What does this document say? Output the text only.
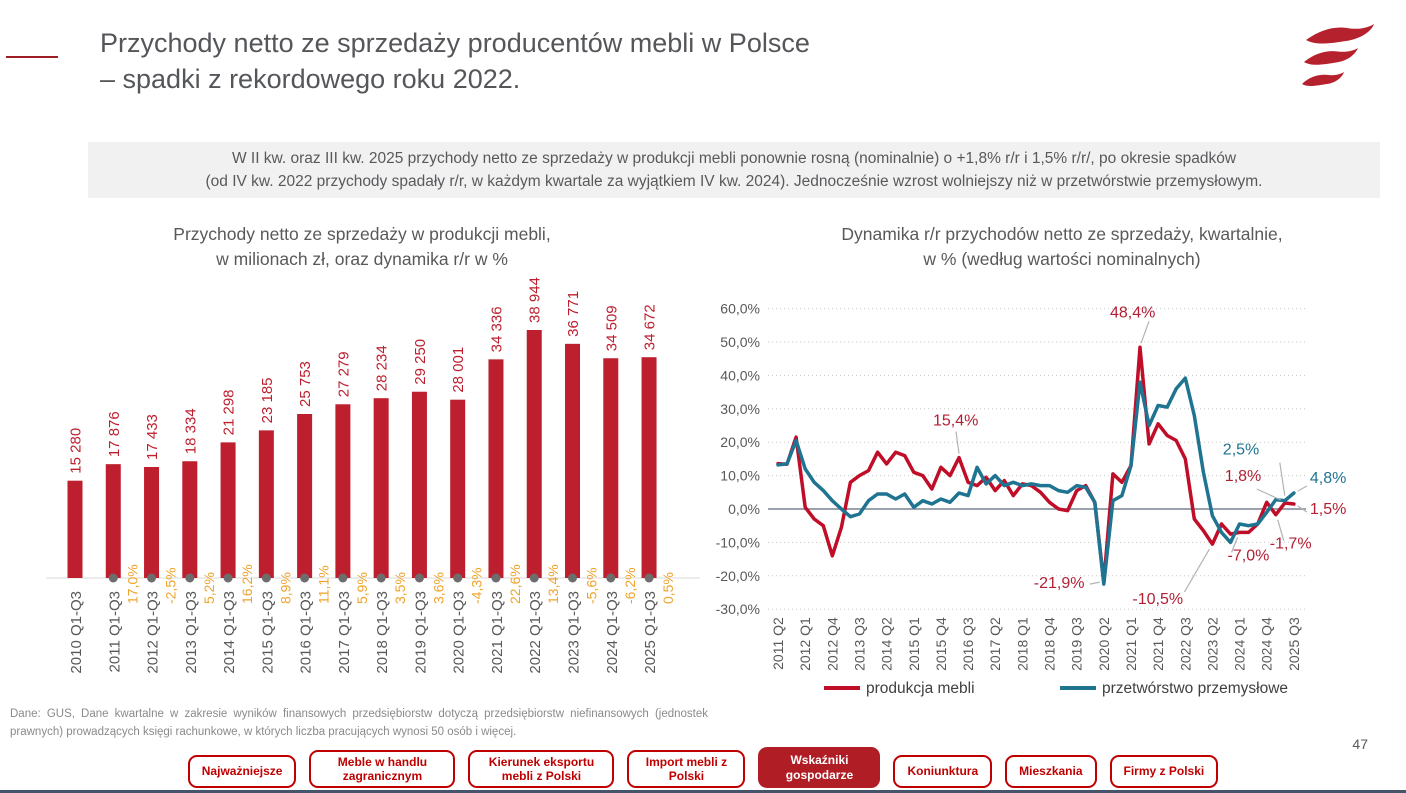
Przychody netto ze sprzedaży producentów mebli w Polsce
– spadki z rekordowego roku 2022.
W II kw. oraz III kw. 2025 przychody netto ze sprzedaży w produkcji mebli ponownie rosną (nominalnie) o +1,8% r/r i 1,5% r/r/, po okresie spadków
(od IV kw. 2022 przychody spadały r/r, w każdym kwartale za wyjątkiem IV kw. 2024). Jednocześnie wzrost wolniejszy niż w przetwórstwie przemysłowym.
Przychody netto ze sprzedaży w produkcji mebli,
w milionach zł, oraz dynamika r/r w %
Dynamika r/r przychodów netto ze sprzedaży, kwartalnie,
w % (według wartości nominalnych)
15 280 17 876 17 433 18 334 21 298 23 185 25 753 27 279 28 234 29 250 28 001
34 336
38 944 36 771 34 509 34 672
2010 Q1-Q3 2011 Q1-Q3 2012 Q1-Q3 2013 Q1-Q3 2014 Q1-Q3 2015 Q1-Q3 2016 Q1-Q3 2017 Q1-Q3 2018 Q1-Q3 2019 Q1-Q3 2020 Q1-Q3 2021 Q1-Q3 2022 Q1-Q3 2023 Q1-Q3 2024 Q1-Q3 2025 Q1-Q3
17,0% -2,5% 5,2% 16,2% 8,9% 11,1% 5,9% 3,5% 3,6% -4,3% 22,6% 13,4% -5,6% -6,2% 0,5%
60,0%
50,0%
40,0%
30,0%
20,0%
10,0%
0,0%
-10,0%
-20,0%
-30,0%
2011 Q2 2012 Q1 2012 Q4 2013 Q3 2014 Q2 2015 Q1 2015 Q4 2016 Q3 2017 Q2 2018 Q1 2018 Q4 2019 Q3 2020 Q2 2021 Q1 2021 Q4 2022 Q3 2023 Q2 2024 Q1 2024 Q4 2025 Q3
48,4%
15,4%
-21,9%
-10,5%
-7,0%
-1,7%
2,5%
1,8%	4,8%
1,5%
produkcja mebli	przetwórstwo przemysłowe
Dane: GUS, Dane kwartalne w zakresie wyników finansowych przedsiębiorstw dotyczą przedsiębiorstw niefinansowych (jednostek prawnych) prowadzących księgi rachunkowe, w których liczba pracujących wynosi 50 osób i więcej.
47
Najważniejsze
Meble w handlu zagranicznym
Kierunek eksportu mebli z Polski
Import mebli z Polski
Wskaźniki gospodarze	Koniunktura	Mieszkania	Firmy z Polski
